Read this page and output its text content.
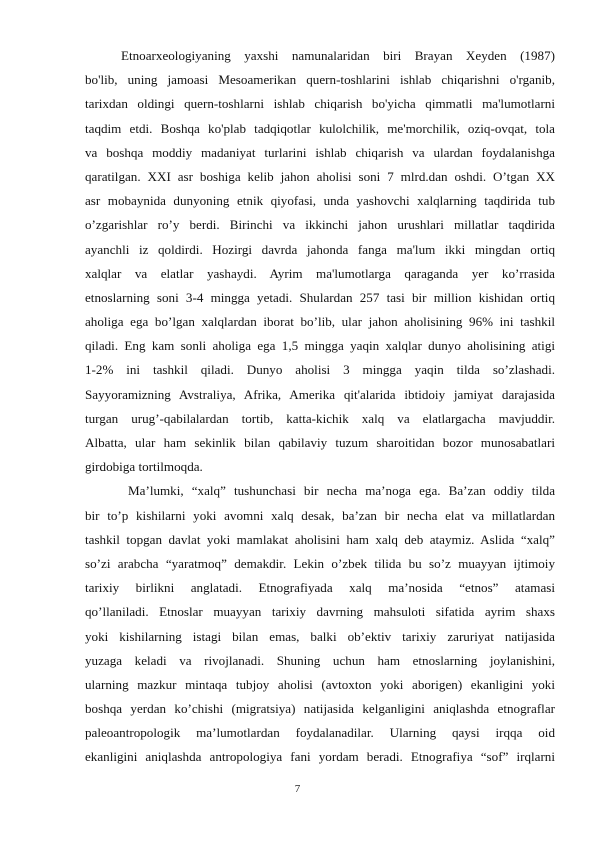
Etnoarxeologiyaning yaxshi namunalaridan biri Brayan Xeyden (1987)
bo'lib, uning jamoasi Mesoamerikan quern-toshlarini ishlab chiqarishni o'rganib,
tarixdan oldingi quern-toshlarni ishlab chiqarish bo'yicha qimmatli ma'lumotlarni
taqdim etdi. Boshqa ko'plab tadqiqotlar kulolchilik, me'morchilik, oziq-ovqat, tola
va boshqa moddiy madaniyat turlarini ishlab chiqarish va ulardan foydalanishga
qaratilgan. XXI asr boshiga kelib jahon aholisi soni 7 mlrd.dan oshdi. O’tgan XX
asr mobaynida dunyoning etnik qiyofasi, unda yashovchi xalqlarning taqdirida tub
o’zgarishlar ro’y berdi. Birinchi va ikkinchi jahon urushlari millatlar taqdirida
ayanchli iz qoldirdi. Hozirgi davrda jahonda fanga ma'lum ikki mingdan ortiq
xalqlar va elatlar yashaydi. Ayrim ma'lumotlarga qaraganda yer ko’rrasida
etnoslarning soni 3-4 mingga yetadi. Shulardan 257 tasi bir million kishidan ortiq
aholiga ega bo’lgan xalqlardan iborat bo’lib, ular jahon aholisining 96% ini tashkil
qiladi. Eng kam sonli aholiga ega 1,5 mingga yaqin xalqlar dunyo aholisining atigi
1-2% ini tashkil qiladi. Dunyo aholisi 3 mingga yaqin tilda so’zlashadi.
Sayyoramizning Avstraliya, Afrika, Amerika qit'alarida ibtidoiy jamiyat darajasida
turgan urug’-qabilalardan tortib, katta-kichik xalq va elatlargacha mavjuddir.
Albatta, ular ham sekinlik bilan qabilaviy tuzum sharoitidan bozor munosabatlari
girdobiga tortilmoqda.
Ma’lumki, “xalq” tushunchasi bir necha ma’noga ega. Ba’zan oddiy tilda
bir to’p kishilarni yoki avomni xalq desak, ba’zan bir necha elat va millatlardan
tashkil topgan davlat yoki mamlakat aholisini ham xalq deb ataymiz. Aslida “xalq”
so’zi arabcha “yaratmoq” demakdir. Lekin o’zbek tilida bu so’z muayyan ijtimoiy
tarixiy birlikni anglatadi. Etnografiyada xalq ma’nosida “etnos” atamasi
qo’llaniladi. Etnoslar muayyan tarixiy davrning mahsuloti sifatida ayrim shaxs
yoki kishilarning istagi bilan emas, balki ob’ektiv tarixiy zaruriyat natijasida
yuzaga keladi va rivojlanadi. Shuning uchun ham etnoslarning joylanishini,
ularning mazkur mintaqa tubjoy aholisi (avtoxton yoki aborigen) ekanligini yoki
boshqa yerdan ko’chishi (migratsiya) natijasida kelganligini aniqlashda etnograflar
paleoantropologik ma’lumotlardan foydalanadilar. Ularning qaysi irqqa oid
ekanligini aniqlashda antropologiya fani yordam beradi. Etnografiya “sof” irqlarni
7
